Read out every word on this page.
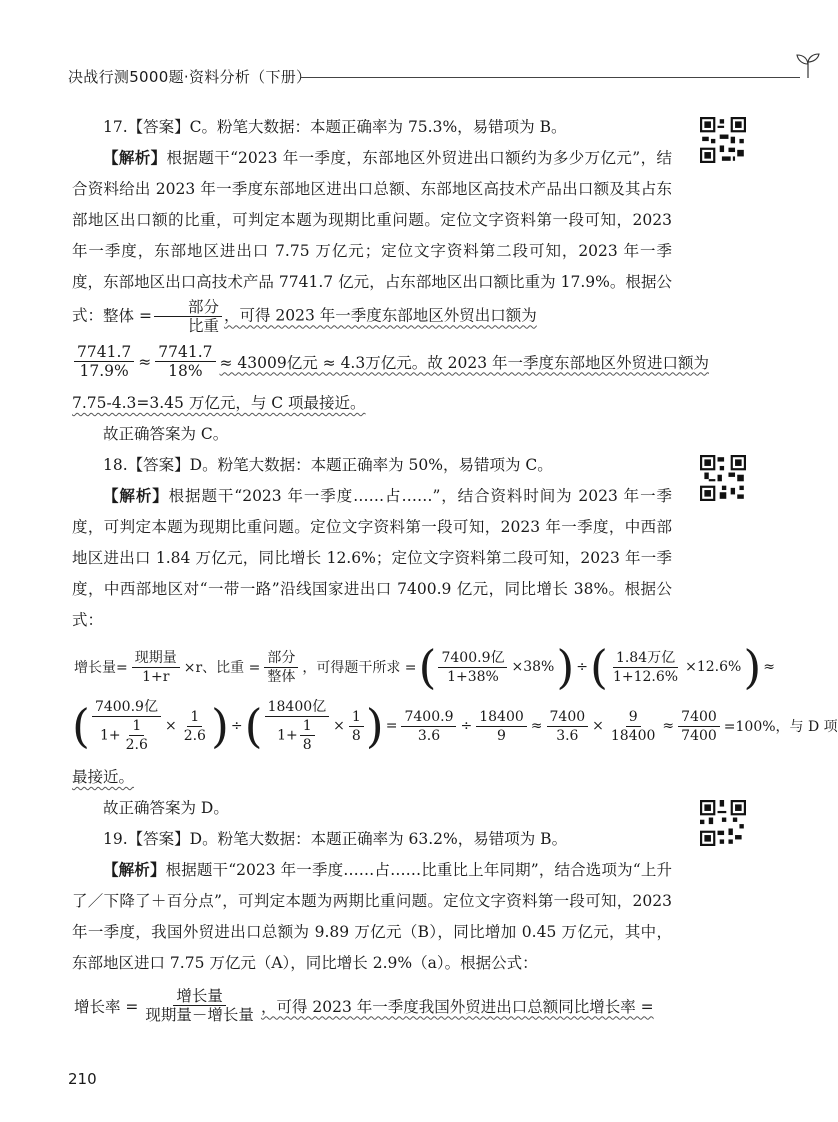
决战行测5000题·资料分析（下册）

17.【答案】C。粉笔大数据：本题正确率为 75.3%，易错项为 B。

【解析】根据题干“2023 年一季度，东部地区外贸进出口额约为多少万亿元”，结合资料给出 2023 年一季度东部地区进出口总额、东部地区高技术产品出口额及其占东部地区出口额的比重，可判定本题为现期比重问题。定位文字资料第一段可知，2023 年一季度，东部地区进出口 7.75 万亿元；定位文字资料第二段可知，2023 年一季度，东部地区出口高技术产品 7741.7 亿元，占东部地区出口额比重为 17.9%。根据公式：整体 = $\frac{\text{部分}}{\text{比重}}$ ，可得 2023 年一季度东部地区外贸出口额为

$\frac{7741.7}{17.9\%} \approx \frac{7741.7}{18\%} \approx 43009$亿元 ≈ 4.3万亿元。故 2023 年一季度东部地区外贸进口额为

7.75-4.3=3.45 万亿元，与 C 项最接近。

故正确答案为 C。

18.【答案】D。粉笔大数据：本题正确率为 50%，易错项为 C。

【解析】根据题干“2023 年一季度……占……”，结合资料时间为 2023 年一季度，可判定本题为现期比重问题。定位文字资料第一段可知，2023 年一季度，中西部地区进出口 1.84 万亿元，同比增长 12.6%；定位文字资料第二段可知，2023 年一季度，中西部地区对“一带一路”沿线国家进出口 7400.9 亿元，同比增长 38%。根据公式：

增长量= $\frac{\text{现期量}}{1+r} \times r$、比重 = $\frac{\text{部分}}{\text{整体}}$ ，可得题干所求 = ( $\frac{\text{7400.9亿}}{1+38\%} \times 38\%$ ) ÷ ( $\frac{\text{1.84万亿}}{1+12.6\%} \times 12.6\%$ ) ≈
( $\frac{\text{7400.9亿}}{1+ \frac{1}{2.6}} \times \frac{1}{2.6}$ ) ÷ ( $\frac{\text{18400亿}}{1+ \frac{1}{8}} \times \frac{1}{8}$ ) = $\frac{7400.9}{3.6} \div \frac{18400}{9} \approx \frac{7400}{3.6} \times \frac{9}{18400} \approx \frac{7400}{7400} =100\%$，与 D 项

最接近。

故正确答案为 D。

19.【答案】D。粉笔大数据：本题正确率为 63.2%，易错项为 B。

【解析】根据题干“2023 年一季度……占……比重比上年同期”，结合选项为“上升了／下降了＋百分点”，可判定本题为两期比重问题。定位文字资料第一段可知，2023 年一季度，我国外贸进出口总额为 9.89 万亿元（B），同比增加 0.45 万亿元，其中，东部地区进口 7.75 万亿元（A），同比增长 2.9%（a）。根据公式：

增长率 = $\frac{\text{增长量}}{\text{现期量－增长量}}$ ，可得 2023 年一季度我国外贸进出口总额同比增长率 =
210
